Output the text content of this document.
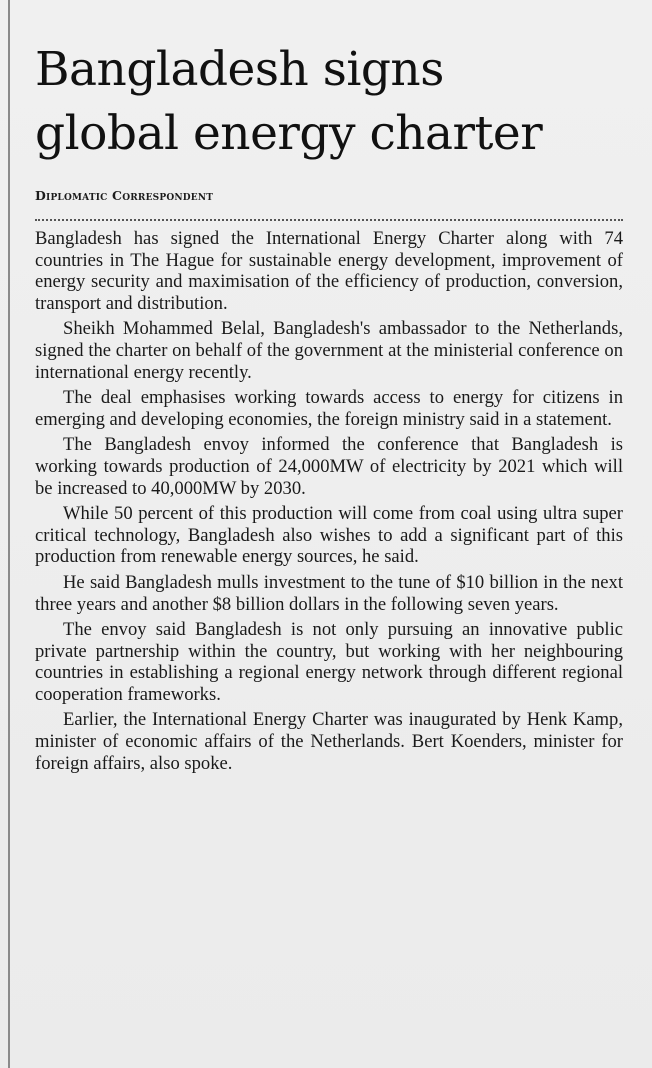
Bangladesh signs
global energy charter
Diplomatic Correspondent

Bangladesh has signed the International Energy Charter along with 74 countries in The Hague for sustainable energy development, improvement of energy security and maximisation of the efficiency of production, conversion, transport and distribution.

Sheikh Mohammed Belal, Bangladesh's ambassador to the Netherlands, signed the charter on behalf of the government at the ministerial conference on international energy recently.

The deal emphasises working towards access to energy for citizens in emerging and developing economies, the foreign ministry said in a statement.

The Bangladesh envoy informed the conference that Bangladesh is working towards production of 24,000MW of electricity by 2021 which will be increased to 40,000MW by 2030.

While 50 percent of this production will come from coal using ultra super critical technology, Bangladesh also wishes to add a significant part of this production from renewable energy sources, he said.

He said Bangladesh mulls investment to the tune of $10 billion in the next three years and another $8 billion dollars in the following seven years.

The envoy said Bangladesh is not only pursuing an innovative public private partnership within the country, but working with her neighbouring countries in establishing a regional energy network through different regional cooperation frameworks.

Earlier, the International Energy Charter was inaugurated by Henk Kamp, minister of economic affairs of the Netherlands. Bert Koenders, minister for foreign affairs, also spoke.
